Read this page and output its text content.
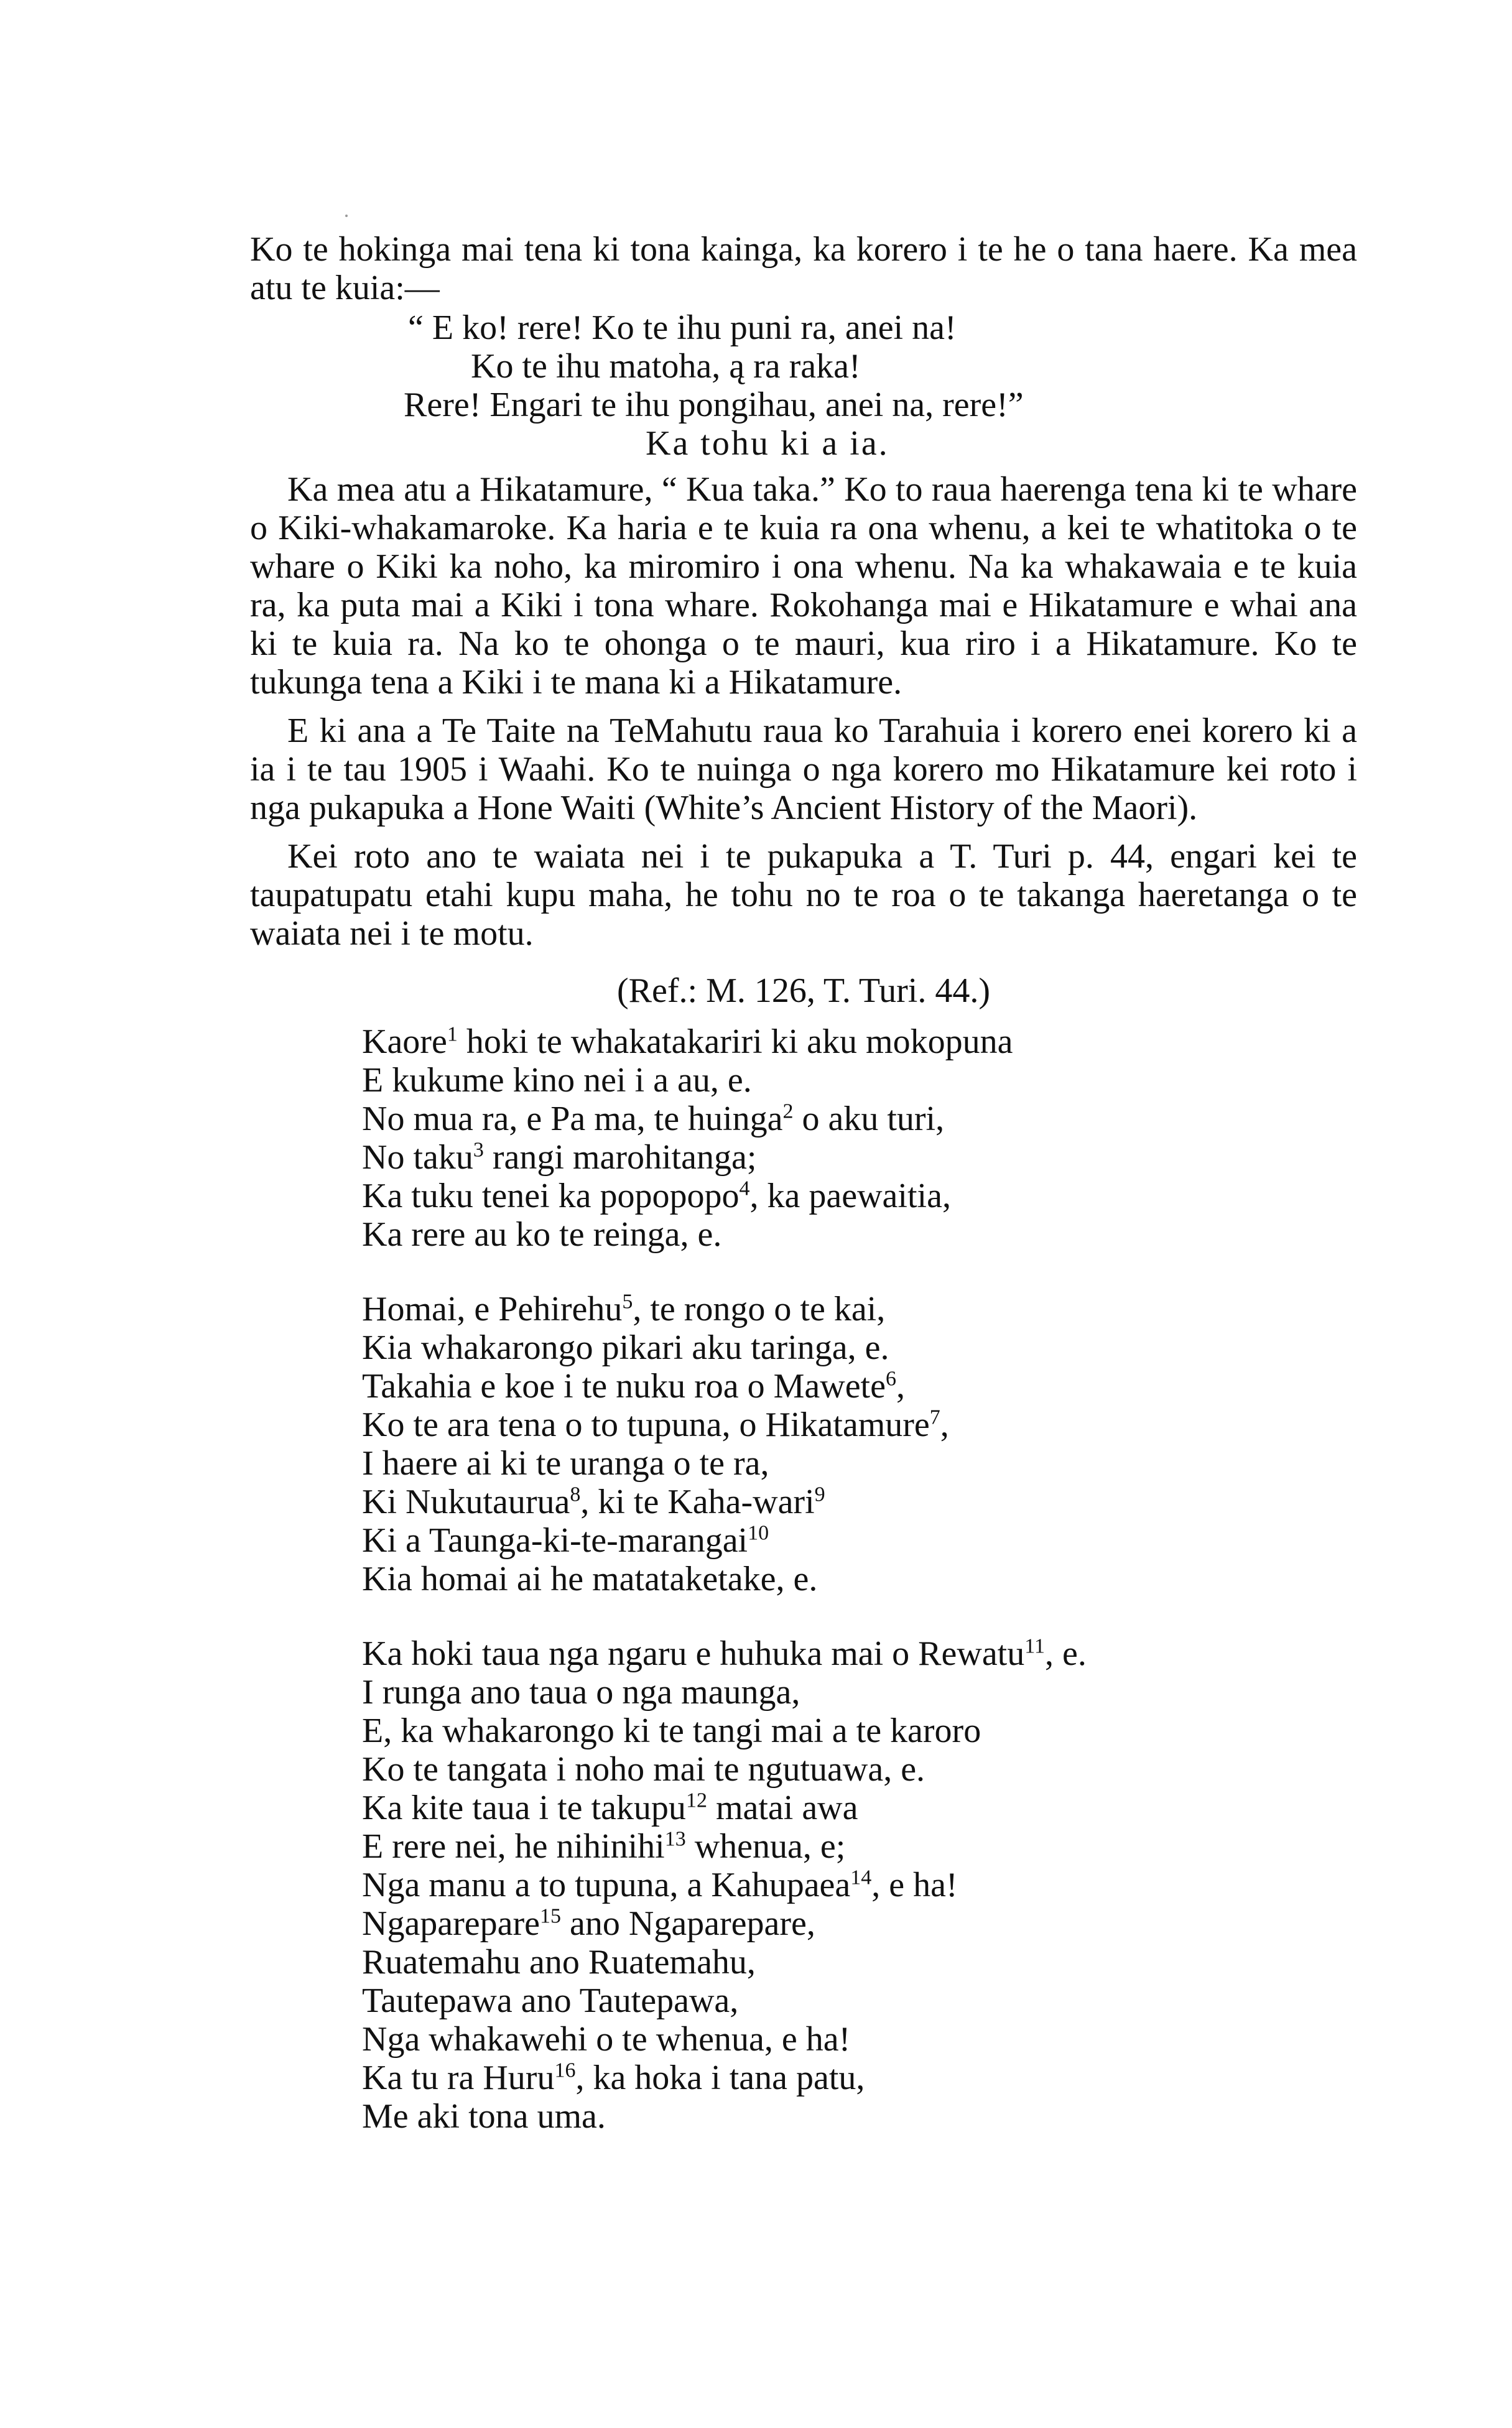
Ko te hokinga mai tena ki tona kainga, ka korero i te he o tana haere. Ka mea atu te kuia:—

“ E ko! rere! Ko te ihu puni ra, anei na!
Ko te ihu matoha, ą ra raka!
Rere! Engari te ihu pongihau, anei na, rere!”
Ka tohu ki a ia.

Ka mea atu a Hikatamure, “ Kua taka.” Ko to raua haerenga tena ki te whare o Kiki-whakamaroke. Ka haria e te kuia ra ona whenu, a kei te whatitoka o te whare o Kiki ka noho, ka miromiro i ona whenu. Na ka whakawaia e te kuia ra, ka puta mai a Kiki i tona whare. Rokohanga mai e Hikatamure e whai ana ki te kuia ra. Na ko te ohonga o te mauri, kua riro i a Hikatamure. Ko te tukunga tena a Kiki i te mana ki a Hikatamure.

E ki ana a Te Taite na TeMahutu raua ko Tarahuia i korero enei korero ki a ia i te tau 1905 i Waahi. Ko te nuinga o nga korero mo Hikatamure kei roto i nga pukapuka a Hone Waiti (White’s Ancient History of the Maori).

Kei roto ano te waiata nei i te pukapuka a T. Turi p. 44, engari kei te taupatupatu etahi kupu maha, he tohu no te roa o te takanga haeretanga o te waiata nei i te motu.

(Ref.: M. 126, T. Turi. 44.)
Kaore$^1$ hoki te whakatakariri ki aku mokopuna
E kukume kino nei i a au, e.
No mua ra, e Pa ma, te huinga$^2$ o aku turi,
No taku$^3$ rangi marohitanga;
Ka tuku tenei ka popopopo$^4$, ka paewaitia,
Ka rere au ko te reinga, e.
Homai, e Pehirehu$^5$, te rongo o te kai,
Kia whakarongo pikari aku taringa, e.
Takahia e koe i te nuku roa o Mawete$^6$,
Ko te ara tena o to tupuna, o Hikatamure$^7$,
I haere ai ki te uranga o te ra,
Ki Nukutaurua$^8$, ki te Kaha-wari$^9$
Ki a Taunga-ki-te-marangai$^{10}$
Kia homai ai he matataketake, e.
Ka hoki taua nga ngaru e huhuka mai o Rewatu$^{11}$, e.
I runga ano taua o nga maunga,
E, ka whakarongo ki te tangi mai a te karoro
Ko te tangata i noho mai te ngutuawa, e.
Ka kite taua i te takupu$^{12}$ matai awa
E rere nei, he nihinihi$^{13}$ whenua, e;
Nga manu a to tupuna, a Kahupaea$^{14}$, e ha!
Ngaparepare$^{15}$ ano Ngaparepare,
Ruatemahu ano Ruatemahu,
Tautepawa ano Tautepawa,
Nga whakawehi o te whenua, e ha!
Ka tu ra Huru$^{16}$, ka hoka i tana patu,
Me aki tona uma.
